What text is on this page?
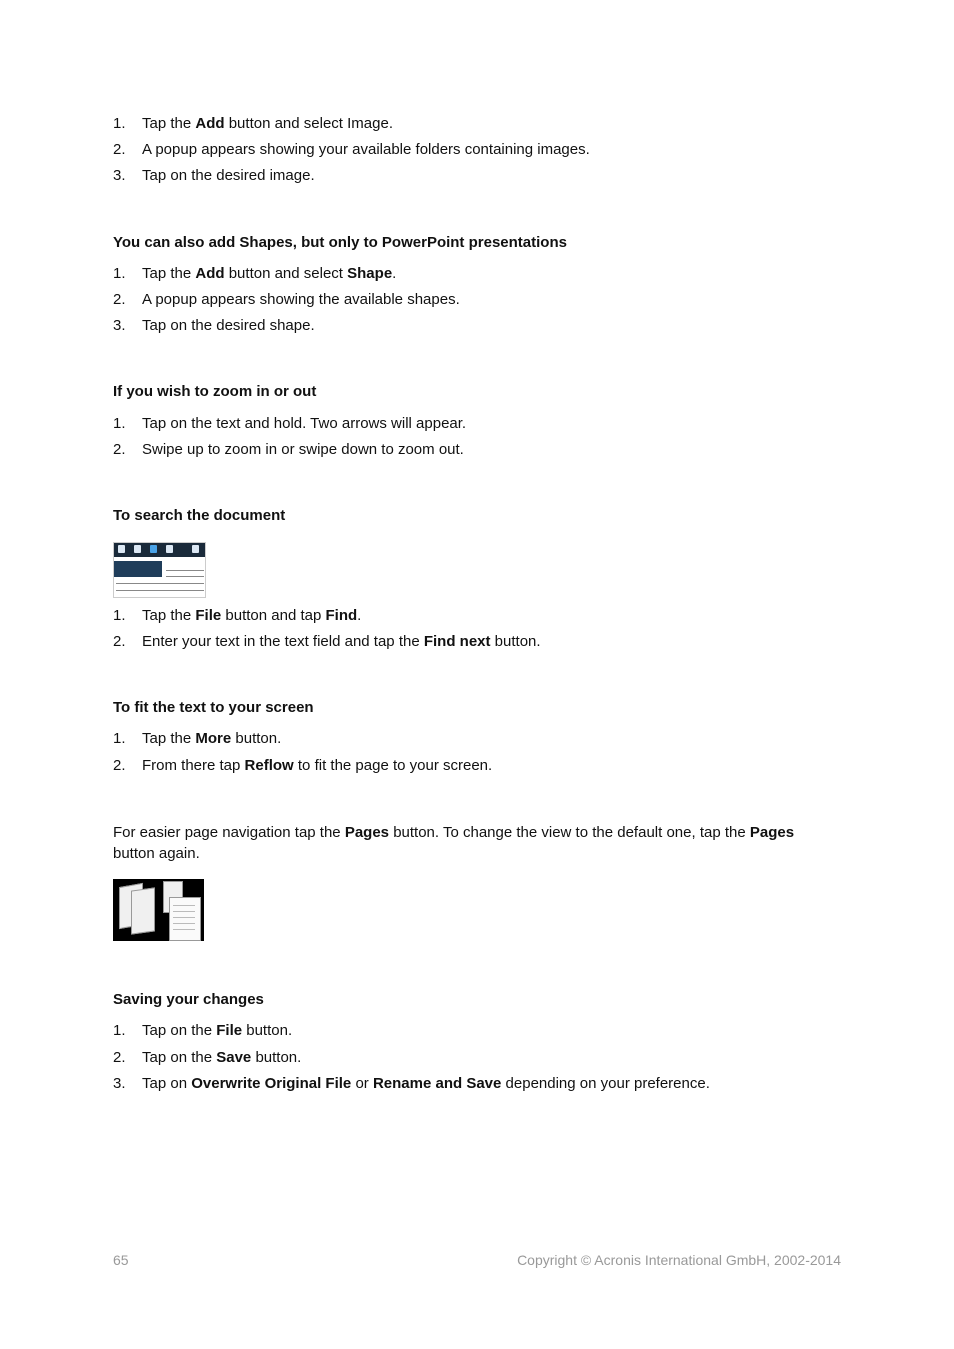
1. Tap the Add button and select Image.
2. A popup appears showing your available folders containing images.
3. Tap on the desired image.
You can also add Shapes, but only to PowerPoint presentations
1. Tap the Add button and select Shape.
2. A popup appears showing the available shapes.
3. Tap on the desired shape.
If you wish to zoom in or out
1. Tap on the text and hold. Two arrows will appear.
2. Swipe up to zoom in or swipe down to zoom out.
To search the document
1. Tap the File button and tap Find.
2. Enter your text in the text field and tap the Find next button.
To fit the text to your screen
1. Tap the More button.
2. From there tap Reflow to fit the page to your screen.
For easier page navigation tap the Pages button. To change the view to the default one, tap the Pages button again.
Saving your changes
1. Tap on the File button.
2. Tap on the Save button.
3. Tap on Overwrite Original File or Rename and Save depending on your preference.
65	Copyright © Acronis International GmbH, 2002-2014
